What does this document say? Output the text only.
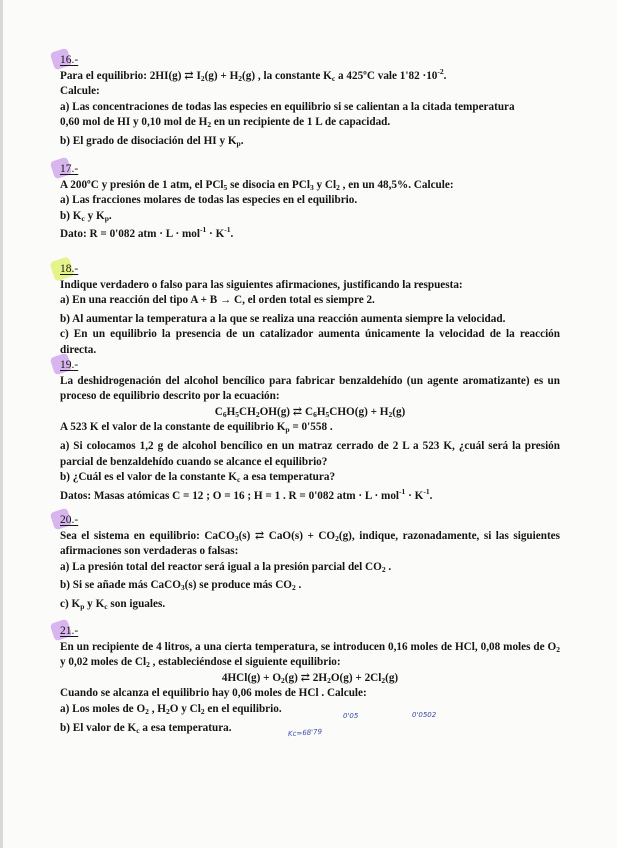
16.-

Para el equilibrio: 2HI(g) ⇄ $I_2(g) + H_2(g)$ , la constante $K_c$ a 425ºC vale $1'82 \cdot 10^{-2}$.

Calcule:

a) Las concentraciones de todas las especies en equilibrio si se calientan a la citada temperatura

0,60 mol de HI y 0,10 mol de $H_2$ en un recipiente de 1 L de capacidad.

b) El grado de disociación del HI y $K_p$.

17.-

A 200ºC y presión de 1 atm, el PCl$_5$ se disocia en PCl$_3$ y $Cl_2$ , en un 48,5%. Calcule:

a) Las fracciones molares de todas las especies en el equilibrio.

b) $K_c$ y $K_p$.

Dato: R = 0'082 atm · $L \cdot mol^{-1} \cdot K^{-1}$.

18.-

Indique verdadero o falso para las siguientes afirmaciones, justificando la respuesta:

a) En una reacción del tipo A + B → C, el orden total es siempre 2.

b) Al aumentar la temperatura a la que se realiza una reacción aumenta siempre la velocidad.

c) En un equilibrio la presencia de un catalizador aumenta únicamente la velocidad de la reacción directa.

19.-

La deshidrogenación del alcohol bencílico para fabricar benzaldehído (un agente aromatizante) es un proceso de equilibrio descrito por la ecuación:

$C_6H_5CH_2OH(g)$ ⇄ $C_6H_5CHO(g) + H_2(g)$

A 523 K el valor de la constante de equilibrio $K_p = 0'558$ .

a) Si colocamos 1,2 g de alcohol bencílico en un matraz cerrado de 2 L a 523 K, ¿cuál será la presión parcial de benzaldehído cuando se alcance el equilibrio?

b) ¿Cuál es el valor de la constante $K_c$ a esa temperatura?

Datos: Masas atómicas C = 12 ; O = 16 ; H = 1 . R = 0'082 atm · $L \cdot mol^{-1} \cdot K^{-1}$.

20.-

Sea el sistema en equilibrio: CaCO$_3$(s) ⇄ $CaO(s) + CO_2(g)$, indique, razonadamente, si las siguientes afirmaciones son verdaderas o falsas:

a) La presión total del reactor será igual a la presión parcial del $CO_2$ .

b) Si se añade más CaCO$_3$(s) se produce más $CO_2$ .

c) $K_p$ y $K_c$ son iguales.

21.-

En un recipiente de 4 litros, a una cierta temperatura, se introducen 0,16 moles de HCl, 0,08 moles de $O_2$ y 0,02 moles de $Cl_2$ , estableciéndose el siguiente equilibrio:

$4HCl(g) + O_2(g)$ ⇄ $2H_2O(g) + 2Cl_2(g)$

Cuando se alcanza el equilibrio hay 0,06 moles de HCl . Calcule:

a) Los moles de $O_2$ , $H_2O$ y $Cl_2$ en el equilibrio.

b) El valor de $K_c$ a esa temperatura.

0'05	0'0502
Kc=68'79
